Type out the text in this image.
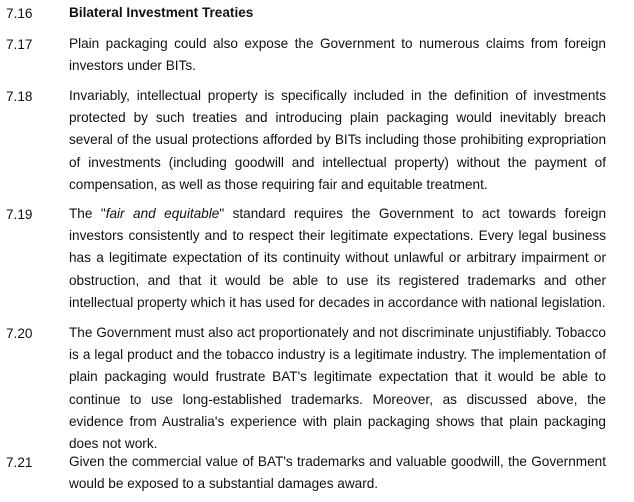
7.16	Bilateral Investment Treaties
7.17	Plain packaging could also expose the Government to numerous claims from foreign investors under BITs.
7.18	Invariably, intellectual property is specifically included in the definition of investments protected by such treaties and introducing plain packaging would inevitably breach several of the usual protections afforded by BITs including those prohibiting expropriation of investments (including goodwill and intellectual property) without the payment of compensation, as well as those requiring fair and equitable treatment.
7.19	The "fair and equitable" standard requires the Government to act towards foreign investors consistently and to respect their legitimate expectations. Every legal business has a legitimate expectation of its continuity without unlawful or arbitrary impairment or obstruction, and that it would be able to use its registered trademarks and other intellectual property which it has used for decades in accordance with national legislation.
7.20	The Government must also act proportionately and not discriminate unjustifiably. Tobacco is a legal product and the tobacco industry is a legitimate industry. The implementation of plain packaging would frustrate BAT's legitimate expectation that it would be able to continue to use long-established trademarks. Moreover, as discussed above, the evidence from Australia's experience with plain packaging shows that plain packaging does not work.
7.21	Given the commercial value of BAT's trademarks and valuable goodwill, the Government would be exposed to a substantial damages award.
